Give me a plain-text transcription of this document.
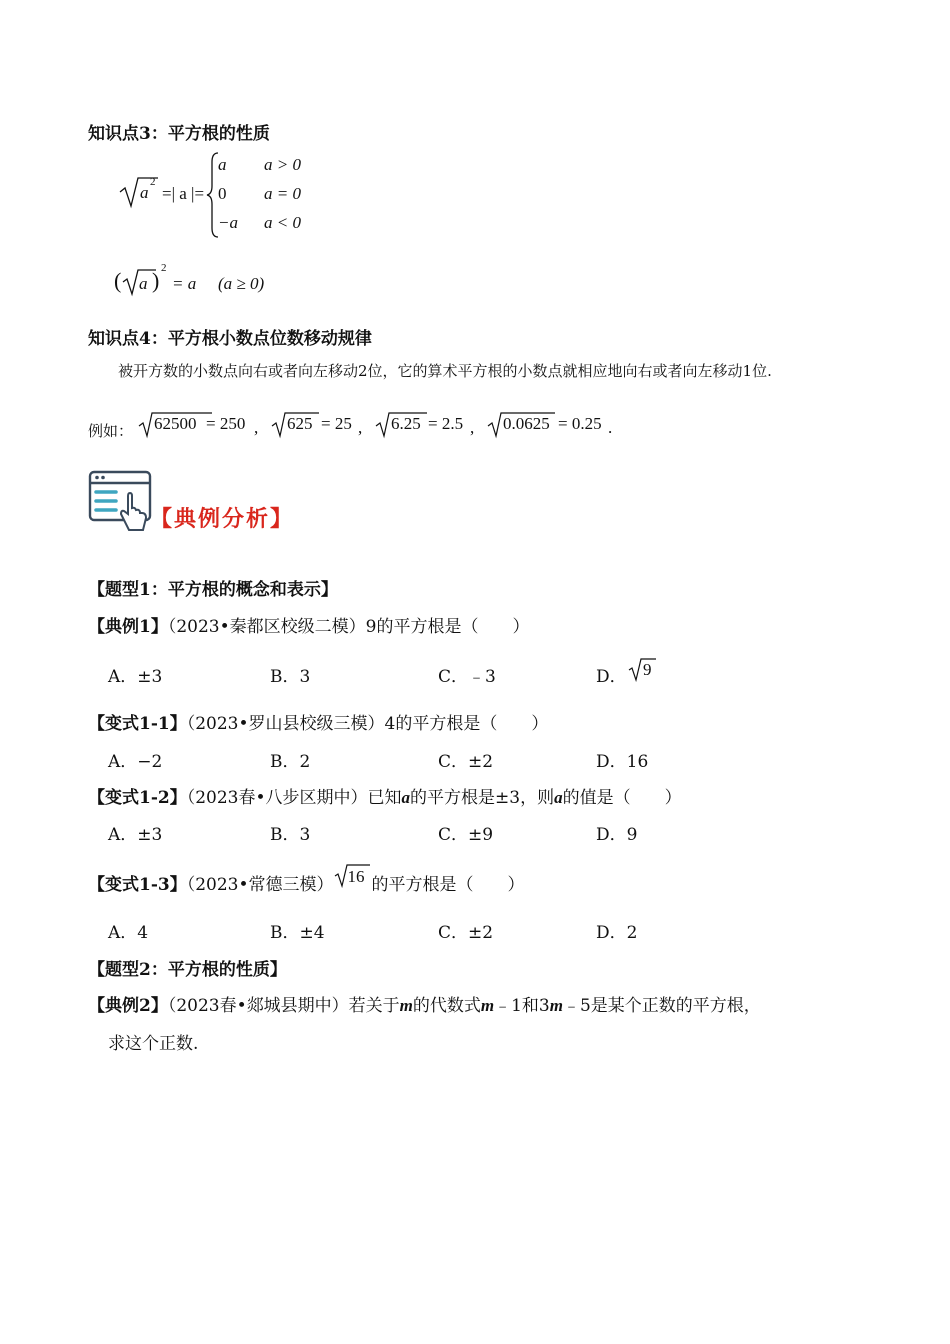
知识点3：平方根的性质
a
2
=| a |=
a a > 0
0 a = 0
−a a < 0
( a ) 2
= a (a ≥ 0)
知识点4：平方根小数点位数移动规律
被开方数的小数点向右或者向左移动2位，它的算术平方根的小数点就相应地向右或者向左移动1位.
例如： 62500 = 250 , 625 = 25 , 6.25 = 2.5 , 0.0625 = 0.25 .
【典例分析】
【题型1：平方根的概念和表示】
【典例1】（2023•秦都区校级二模）9的平方根是（　　）
A．±3	B．3	C．﹣3	D． 9
【变式1-1】（2023•罗山县校级三模）4的平方根是（　　）
A．−2	B．2	C．±2	D．16
【变式1-2】（2023春•八步区期中）已知a的平方根是±3，则a的值是（　　）
A．±3	B．3	C．±9	D．9
【变式1-3】（2023•常德三模） 16 的平方根是（　　）
A．4	B．±4	C．±2	D．2
【题型2：平方根的性质】
【典例2】（2023春•郯城县期中）若关于m的代数式m﹣1和3m﹣5是某个正数的平方根，
求这个正数.
